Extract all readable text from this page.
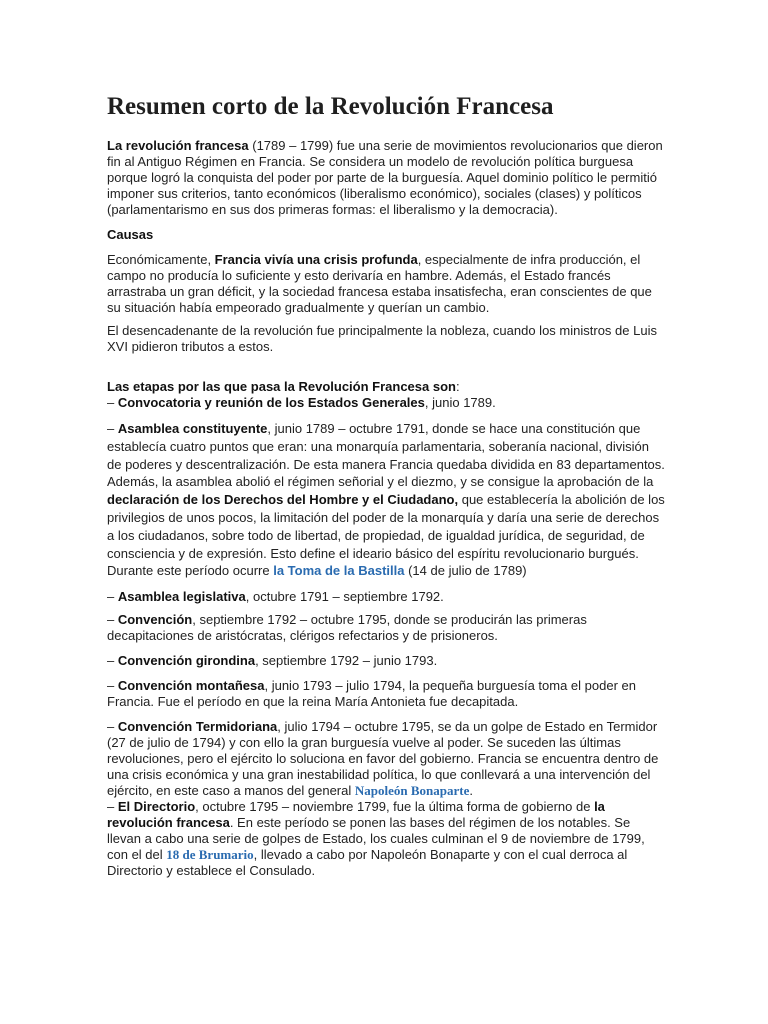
Resumen corto de la Revolución Francesa

La revolución francesa (1789 – 1799) fue una serie de movimientos revolucionarios que dieron fin al Antiguo Régimen en Francia. Se considera un modelo de revolución política burguesa porque logró la conquista del poder por parte de la burguesía. Aquel dominio político le permitió imponer sus criterios, tanto económicos (liberalismo económico), sociales (clases) y políticos (parlamentarismo en sus dos primeras formas: el liberalismo y la democracia).

Causas

Económicamente, Francia vivía una crisis profunda, especialmente de infra producción, el campo no producía lo suficiente y esto derivaría en hambre. Además, el Estado francés arrastraba un gran déficit, y la sociedad francesa estaba insatisfecha, eran conscientes de que su situación había empeorado gradualmente y querían un cambio.

El desencadenante de la revolución fue principalmente la nobleza, cuando los ministros de Luis XVI pidieron tributos a estos.

Las etapas por las que pasa la Revolución Francesa son:

– Convocatoria y reunión de los Estados Generales, junio 1789.

– Asamblea constituyente, junio 1789 – octubre 1791, donde se hace una constitución que establecía cuatro puntos que eran: una monarquía parlamentaria, soberanía nacional, división de poderes y descentralización. De esta manera Francia quedaba dividida en 83 departamentos. Además, la asamblea abolió el régimen señorial y el diezmo, y se consigue la aprobación de la declaración de los Derechos del Hombre y el Ciudadano, que establecería la abolición de los privilegios de unos pocos, la limitación del poder de la monarquía y daría una serie de derechos a los ciudadanos, sobre todo de libertad, de propiedad, de igualdad jurídica, de seguridad, de consciencia y de expresión. Esto define el ideario básico del espíritu revolucionario burgués. Durante este período ocurre la Toma de la Bastilla (14 de julio de 1789)

– Asamblea legislativa, octubre 1791 – septiembre 1792.

– Convención, septiembre 1792 – octubre 1795, donde se producirán las primeras decapitaciones de aristócratas, clérigos refectarios y de prisioneros.

– Convención girondina, septiembre 1792 – junio 1793.

– Convención montañesa, junio 1793 – julio 1794, la pequeña burguesía toma el poder en Francia. Fue el período en que la reina María Antonieta fue decapitada.

– Convención Termidoriana, julio 1794 – octubre 1795, se da un golpe de Estado en Termidor (27 de julio de 1794) y con ello la gran burguesía vuelve al poder. Se suceden las últimas revoluciones, pero el ejército lo soluciona en favor del gobierno. Francia se encuentra dentro de una crisis económica y una gran inestabilidad política, lo que conllevará a una intervención del ejército, en este caso a manos del general Napoleón Bonaparte.

– El Directorio, octubre 1795 – noviembre 1799, fue la última forma de gobierno de la revolución francesa. En este período se ponen las bases del régimen de los notables. Se llevan a cabo una serie de golpes de Estado, los cuales culminan el 9 de noviembre de 1799, con el del 18 de Brumario, llevado a cabo por Napoleón Bonaparte y con el cual derroca al Directorio y establece el Consulado.
